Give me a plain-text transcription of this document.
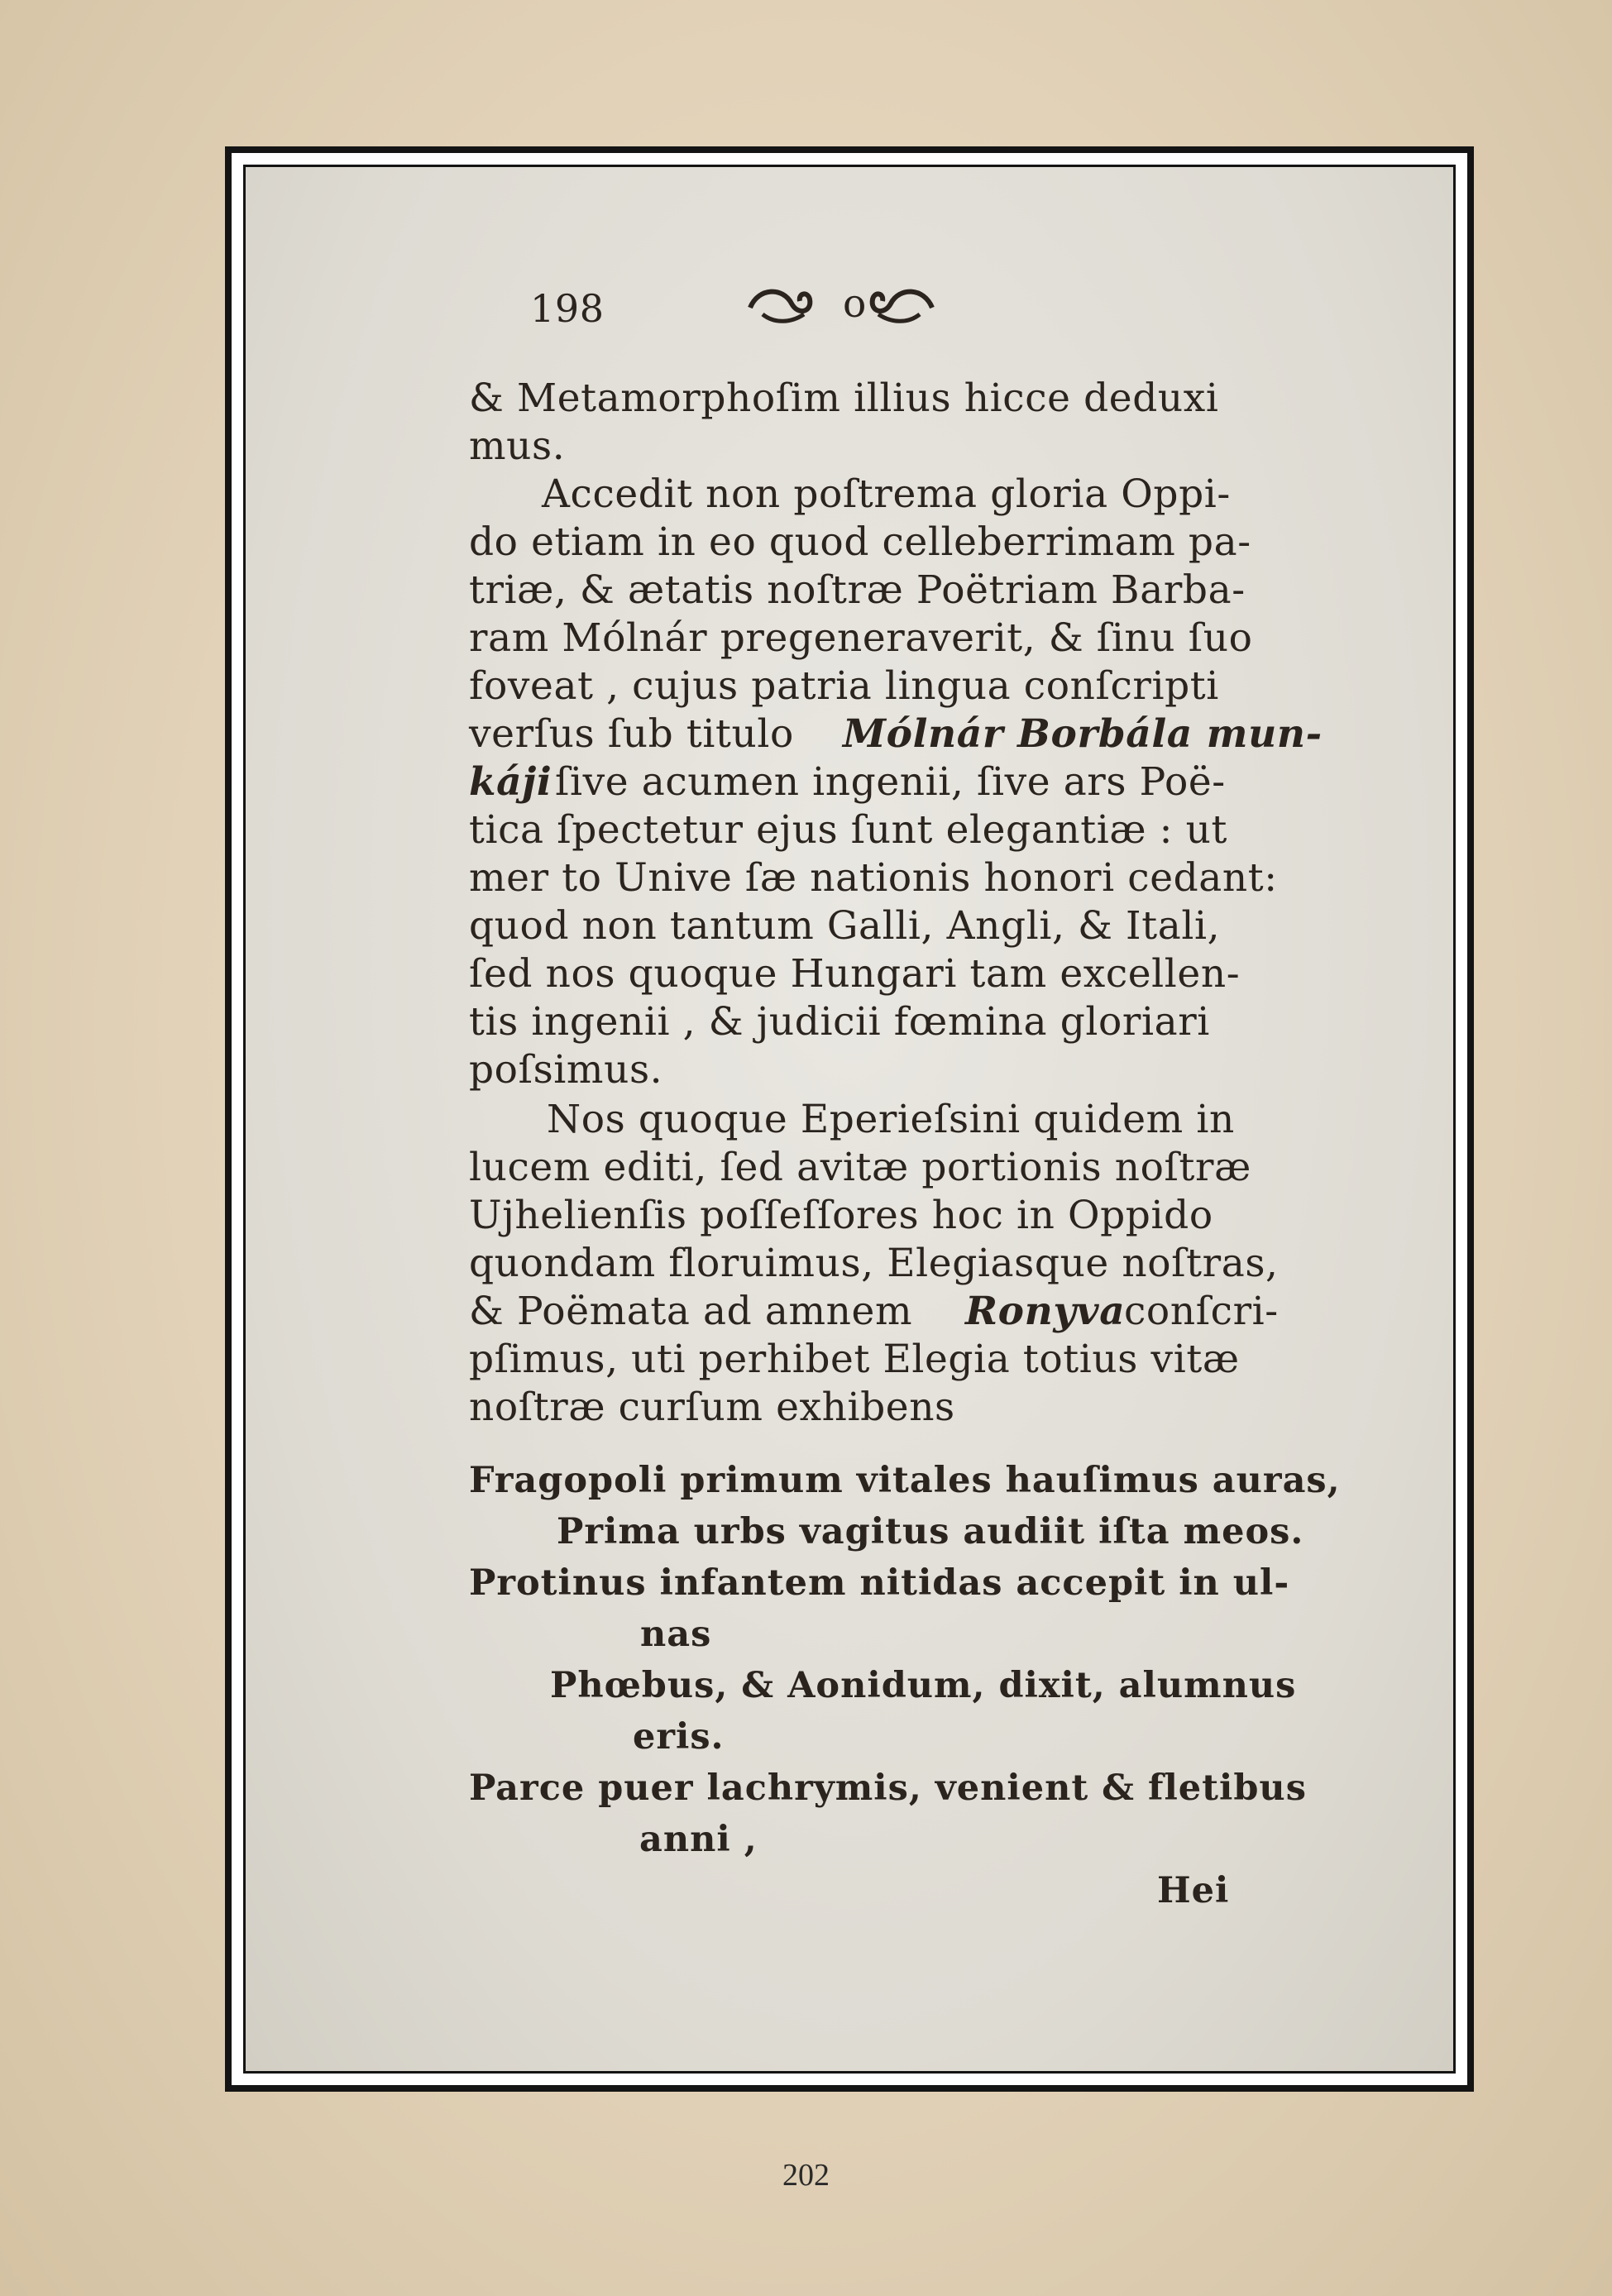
198	o
& Metamorphoſim illius hicce deduxi
mus.
Accedit non poſtrema gloria Oppi-
do etiam in eo quod celleberrimam pa-
triæ, & ætatis noſtræ Poëtriam Barba-
ram Mólnár pregeneraverit, & ſinu ſuo
foveat , cujus patria lingua conſcripti
verſus ſub titulo Mólnár Borbála mun-
káji ſive acumen ingenii, ſive ars Poë-
tica ſpectetur ejus ſunt elegantiæ : ut
mer to Unive ſæ nationis honori cedant:
quod non tantum Galli, Angli, & Itali,
ſed nos quoque Hungari tam excellen-
tis ingenii , & judicii fœmina gloriari
poſsimus.
Nos quoque Eperieſsini quidem in
lucem editi, ſed avitæ portionis noſtræ
Ujhelienſis poſſeſſores hoc in Oppido
quondam floruimus, Elegiasque noſtras,
& Poëmata ad amnem Ronyva
conſcri-
pſimus, uti perhibet Elegia totius vitæ
noſtræ curſum exhibens
Fragopoli primum vitales hauſimus auras,
Prima urbs vagitus audiit iſta meos.
Protinus infantem nitidas accepit in ul-
nas
Phœbus, & Aonidum, dixit, alumnus
eris.
Parce puer lachrymis, venient & fletibus
anni ,
Hei
202
